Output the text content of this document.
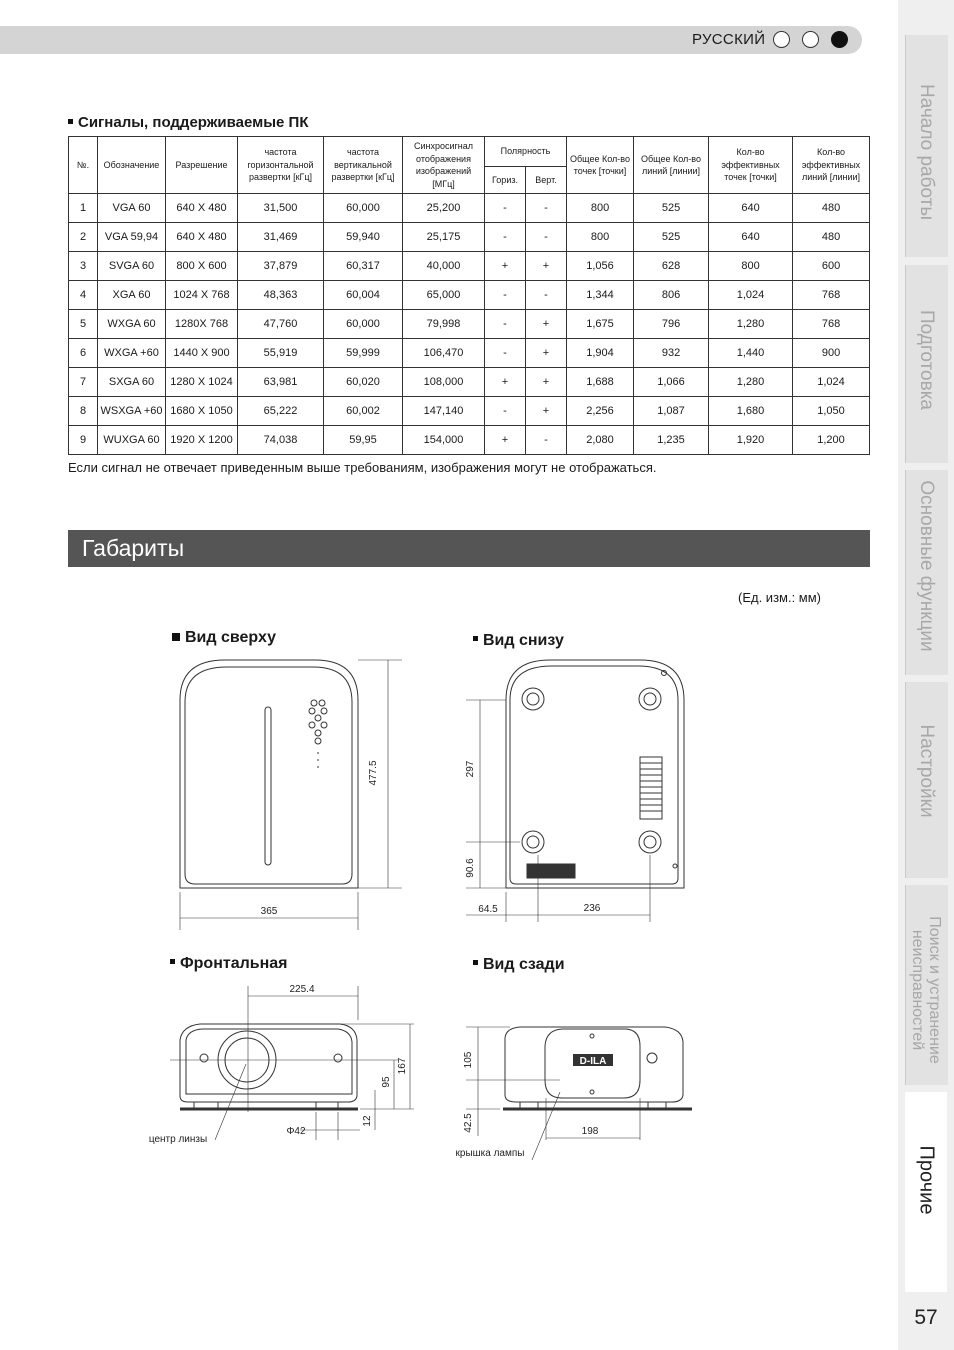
РУССКИЙ
Начало работы
Подготовка
Основные функции
Настройки
Поиск и устранение неисправностей
Прочие
57
Сигналы, поддерживаемые ПК
№.	Обозначение	Разрешение	частота горизонтальной развертки [кГц]	частота вертикальной развертки [кГц]	Синхросигнал отображения изображений [МГц]	Полярность		Общее Кол-во точек [точки]	Общее Кол-во линий [линии]	Кол-во эффективных точек [точки]	Кол-во эффективных линий [линии]
						Гориз.	Верт.				
1	VGA 60	640 X 480	31,500	60,000	25,200	-	-	800	525	640	480
2	VGA 59,94	640 X 480	31,469	59,940	25,175	-	-	800	525	640	480
3	SVGA 60	800 X 600	37,879	60,317	40,000	+	+	1,056	628	800	600
4	XGA 60	1024 X 768	48,363	60,004	65,000	-	-	1,344	806	1,024	768
5	WXGA 60	1280X 768	47,760	60,000	79,998	-	+	1,675	796	1,280	768
6	WXGA +60	1440 X 900	55,919	59,999	106,470	-	+	1,904	932	1,440	900
7	SXGA 60	1280 X 1024	63,981	60,020	108,000	+	+	1,688	1,066	1,280	1,024
8	WSXGA +60	1680 X 1050	65,222	60,002	147,140	-	+	2,256	1,087	1,680	1,050
9	WUXGA 60	1920 X 1200	74,038	59,95	154,000	+	-	2,080	1,235	1,920	1,200
Если сигнал не отвечает приведенным выше требованиям, изображения могут не отображаться.
Габариты
(Ед. изм.: мм)
Вид сверху	Вид снизу
Фронтальная	Вид сзади
477.5
365
297
90.6
64.5	236
225.4
167
95
12
Φ42
центр линзы
105
42.5	198
крышка лампы
D-ILA
